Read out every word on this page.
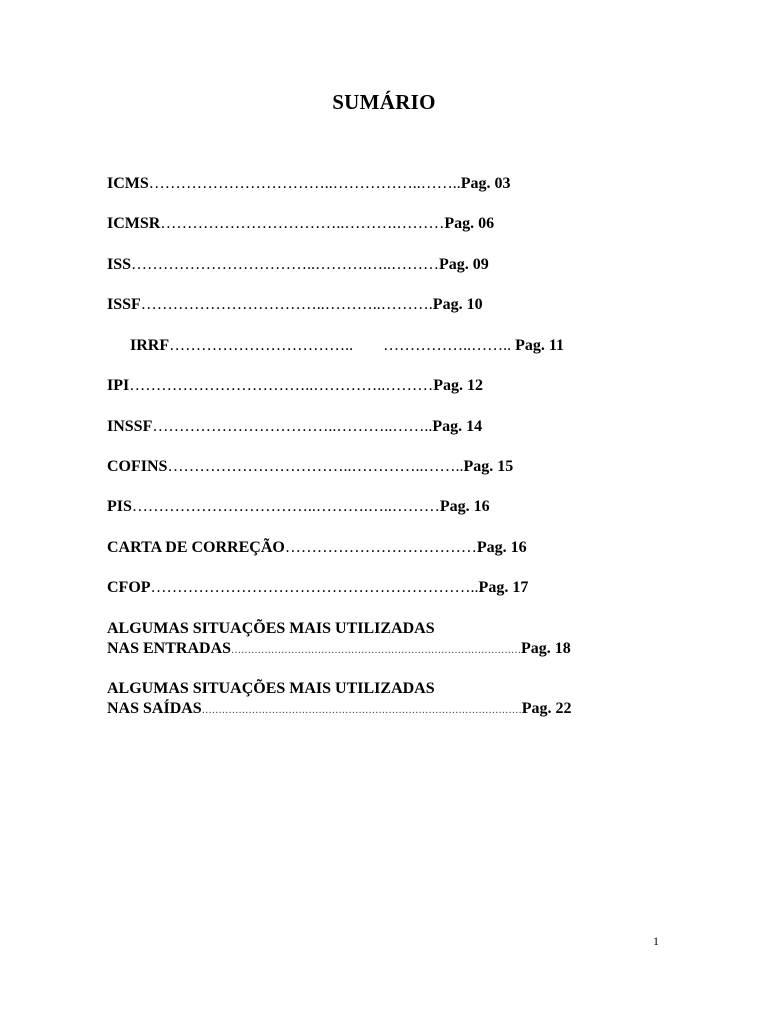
SUMÁRIO
ICMS……………………………..……………..……..Pag. 03
ICMSR……………………………..……….………Pag. 06
ISS……………………………..……….…..………Pag. 09
ISSF……………………………..………..……….Pag. 10
IRRF…………………………….. ……………..…….. Pag. 11
IPI……………………………..…………..………Pag. 12
INSSF……………………………..………..……..Pag. 14
COFINS……………………………..…………..……..Pag. 15
PIS……………………………..……….…..………Pag. 16
CARTA DE CORREÇÃO………………………………Pag. 16
CFOP……………………………………………………..Pag. 17
ALGUMAS SITUAÇÕES MAIS UTILIZADAS
NAS ENTRADAS……………………………………………………………………………Pag. 18
ALGUMAS SITUAÇÕES MAIS UTILIZADAS
NAS SAÍDAS……………………………………………………………………………………Pag. 22
1
